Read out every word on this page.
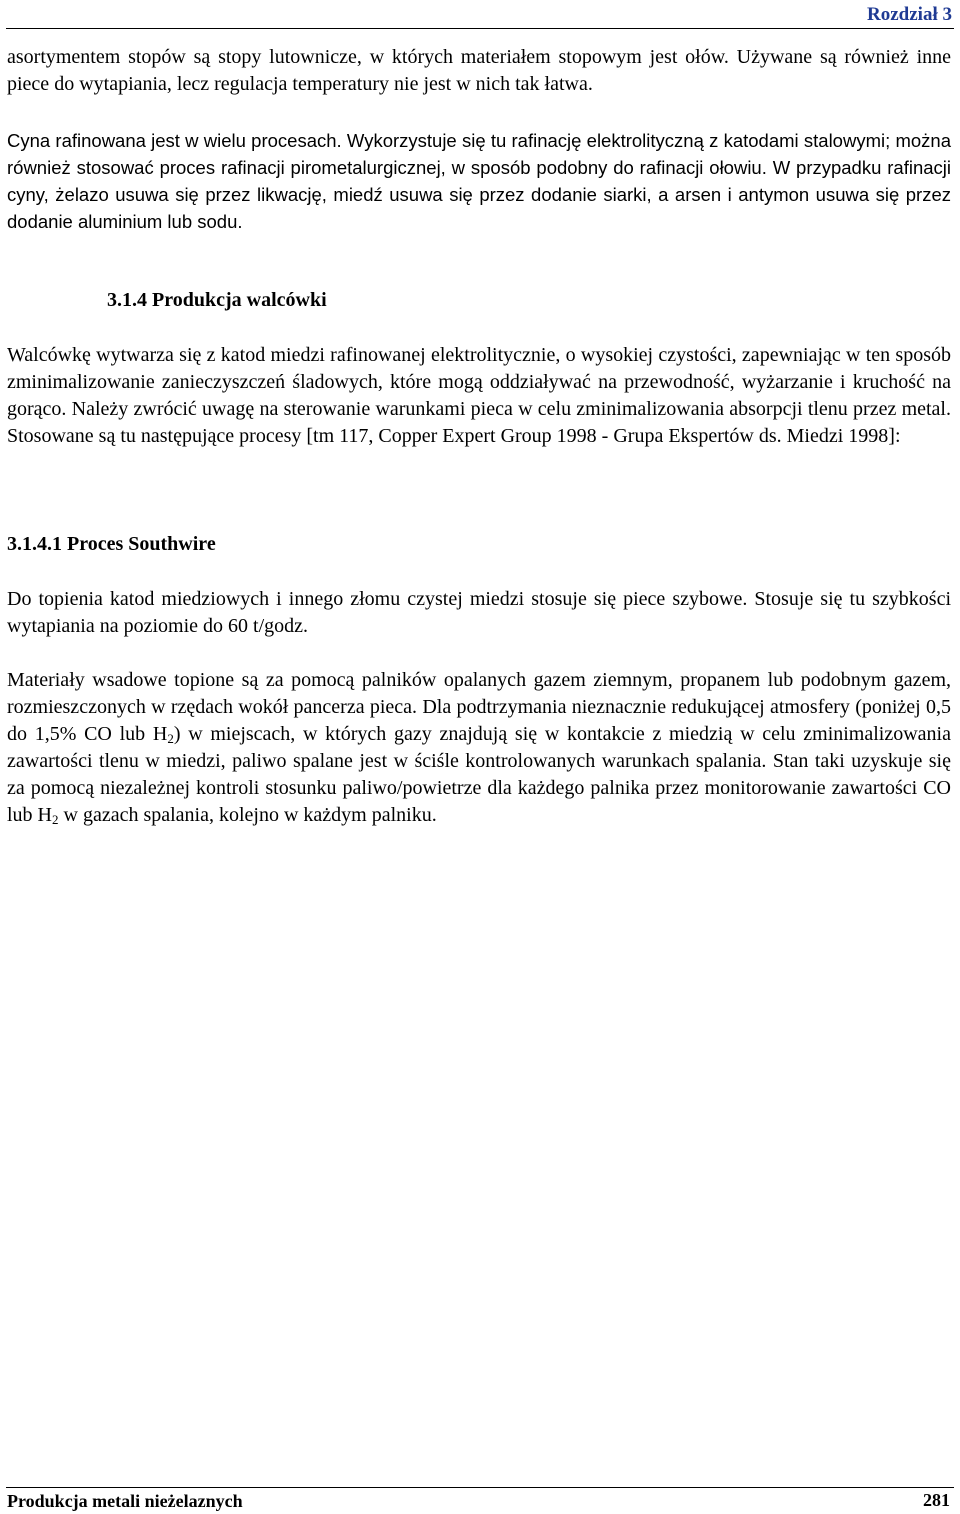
Rozdział 3

asortymentem stopów są stopy lutownicze, w których materiałem stopowym jest ołów. Używane są również inne piece do wytapiania, lecz regulacja temperatury nie jest w nich tak łatwa.

Cyna rafinowana jest w wielu procesach. Wykorzystuje się tu rafinację elektrolityczną z katodami stalowymi; można również stosować proces rafinacji pirometalurgicznej, w sposób podobny do rafinacji ołowiu. W przypadku rafinacji cyny, żelazo usuwa się przez likwację, miedź usuwa się przez dodanie siarki, a arsen i antymon usuwa się przez dodanie aluminium lub sodu.

3.1.4 Produkcja walcówki

Walcówkę wytwarza się z katod miedzi rafinowanej elektrolitycznie, o wysokiej czystości, zapewniając w ten sposób zminimalizowanie zanieczyszczeń śladowych, które mogą oddziaływać na przewodność, wyżarzanie i kruchość na gorąco. Należy zwrócić uwagę na sterowanie warunkami pieca w celu zminimalizowania absorpcji tlenu przez metal. Stosowane są tu następujące procesy [tm 117, Copper Expert Group 1998 - Grupa Ekspertów ds. Miedzi 1998]:

3.1.4.1 Proces Southwire

Do topienia katod miedziowych i innego złomu czystej miedzi stosuje się piece szybowe. Stosuje się tu szybkości wytapiania na poziomie do 60 t/godz.

Materiały wsadowe topione są za pomocą palników opalanych gazem ziemnym, propanem lub podobnym gazem, rozmieszczonych w rzędach wokół pancerza pieca. Dla podtrzymania nieznacznie redukującej atmosfery (poniżej 0,5 do 1,5% CO lub $H_2$) w miejscach, w których gazy znajdują się w kontakcie z miedzią w celu zminimalizowania zawartości tlenu w miedzi, paliwo spalane jest w ściśle kontrolowanych warunkach spalania. Stan taki uzyskuje się za pomocą niezależnej kontroli stosunku paliwo/powietrze dla każdego palnika przez monitorowanie zawartości CO lub $H_2$ w gazach spalania, kolejno w każdym palniku.

Produkcja metali nieżelaznych	281
